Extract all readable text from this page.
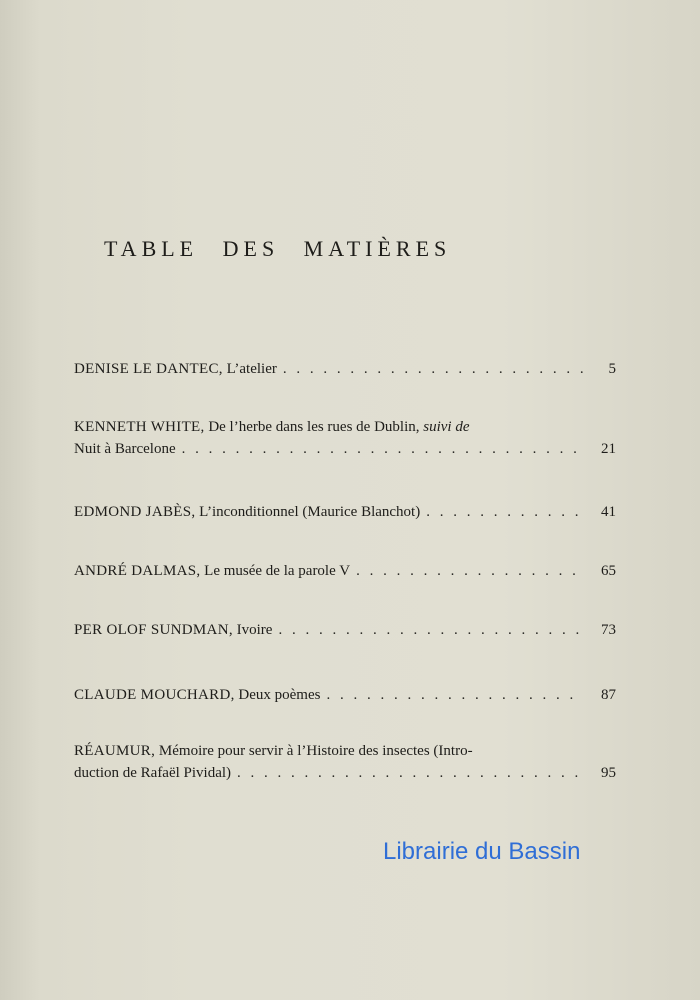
TABLE DES MATIÈRES
DENISE LE DANTEC,
L’atelier . . .	5
KENNETH WHITE, De l’herbe dans les rues de Dublin, suivi de
Nuit à Barcelone . . .	21
EDMOND JABÈS,
L’inconditionnel (Maurice Blanchot) . . .	41
ANDRÉ DALMAS,
Le musée de la parole V . . .	65
PER OLOF SUNDMAN,
Ivoire . . .	73
CLAUDE MOUCHARD,
Deux poèmes . . .	87
RÉAUMUR, Mémoire pour servir à l’Histoire des insectes (Intro-
duction de Rafaël Pividal) . . .	95
Librairie du Bassin
